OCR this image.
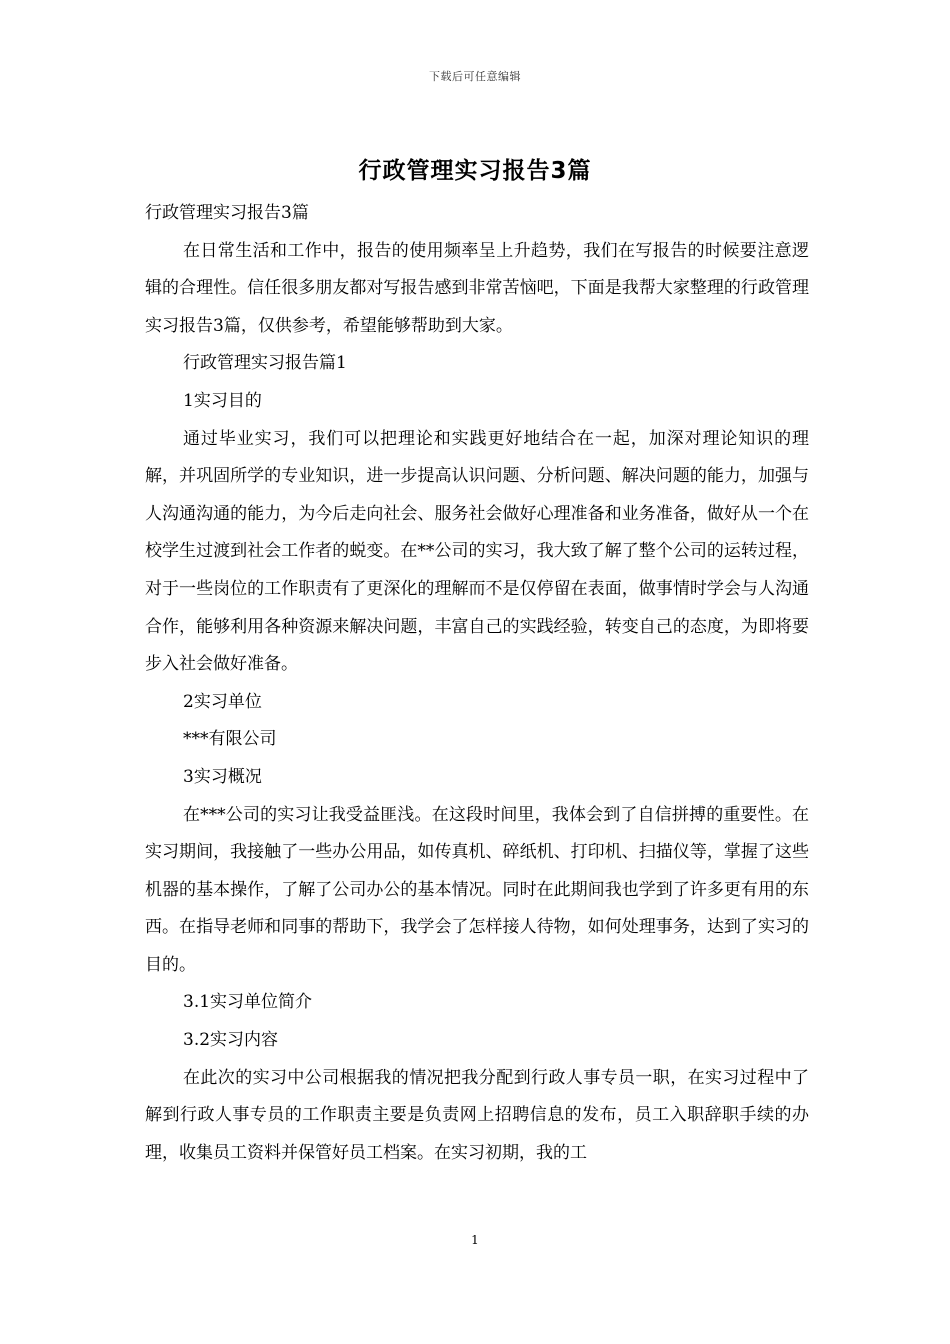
下载后可任意编辑
行政管理实习报告3篇

行政管理实习报告3篇

在日常生活和工作中，报告的使用频率呈上升趋势，我们在写报告的时候要注意逻辑的合理性。信任很多朋友都对写报告感到非常苦恼吧，下面是我帮大家整理的行政管理实习报告3篇，仅供参考，希望能够帮助到大家。

行政管理实习报告篇1

1实习目的

通过毕业实习，我们可以把理论和实践更好地结合在一起，加深对理论知识的理解，并巩固所学的专业知识，进一步提高认识问题、分析问题、解决问题的能力，加强与人沟通沟通的能力，为今后走向社会、服务社会做好心理准备和业务准备，做好从一个在校学生过渡到社会工作者的蜕变。在**公司的实习，我大致了解了整个公司的运转过程，对于一些岗位的工作职责有了更深化的理解而不是仅停留在表面，做事情时学会与人沟通合作，能够利用各种资源来解决问题，丰富自己的实践经验，转变自己的态度，为即将要步入社会做好准备。

2实习单位

***有限公司

3实习概况

在***公司的实习让我受益匪浅。在这段时间里，我体会到了自信拼搏的重要性。在实习期间，我接触了一些办公用品，如传真机、碎纸机、打印机、扫描仪等，掌握了这些机器的基本操作，了解了公司办公的基本情况。同时在此期间我也学到了许多更有用的东西。在指导老师和同事的帮助下，我学会了怎样接人待物，如何处理事务，达到了实习的目的。

3.1实习单位简介

3.2实习内容

在此次的实习中公司根据我的情况把我分配到行政人事专员一职，在实习过程中了解到行政人事专员的工作职责主要是负责网上招聘信息的发布，员工入职辞职手续的办理，收集员工资料并保管好员工档案。在实习初期，我的工

1
